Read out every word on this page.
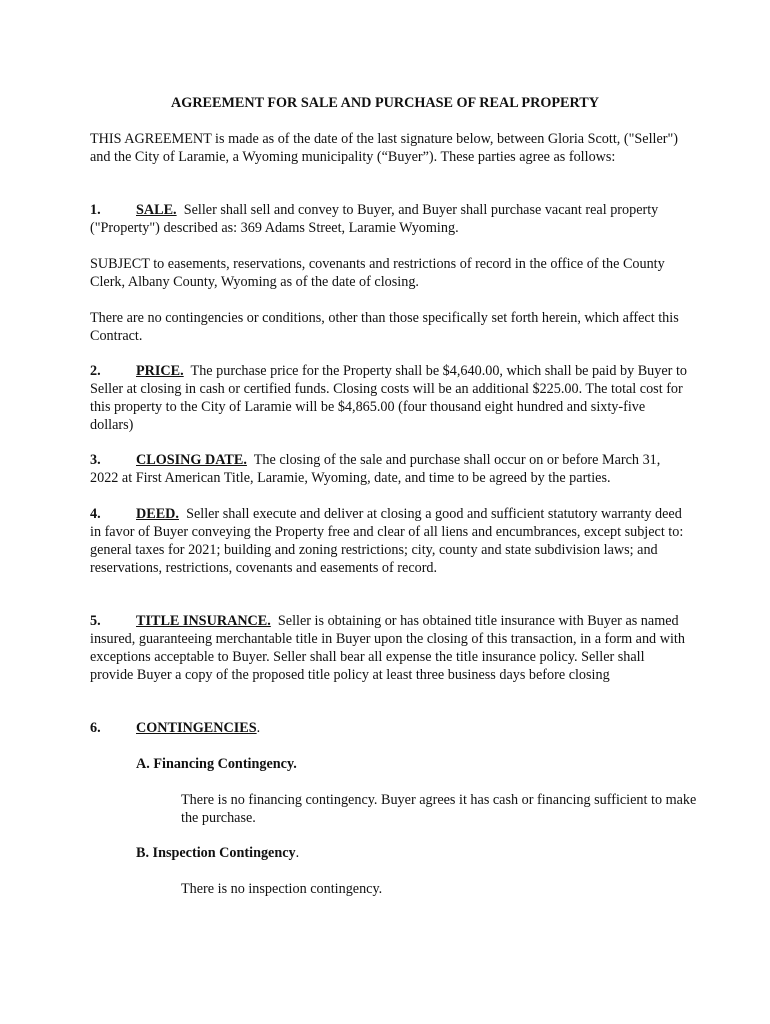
AGREEMENT FOR SALE AND PURCHASE OF REAL PROPERTY

THIS AGREEMENT is made as of the date of the last signature below, between Gloria Scott, ("Seller") and the City of Laramie, a Wyoming municipality (“Buyer”). These parties agree as follows:

1. SALE. Seller shall sell and convey to Buyer, and Buyer shall purchase vacant real property ("Property") described as: 369 Adams Street, Laramie Wyoming.

SUBJECT to easements, reservations, covenants and restrictions of record in the office of the County Clerk, Albany County, Wyoming as of the date of closing.

There are no contingencies or conditions, other than those specifically set forth herein, which affect this Contract.

2. PRICE. The purchase price for the Property shall be $4,640.00, which shall be paid by Buyer to Seller at closing in cash or certified funds. Closing costs will be an additional $225.00. The total cost for this property to the City of Laramie will be $4,865.00 (four thousand eight hundred and sixty-five dollars)

3. CLOSING DATE. The closing of the sale and purchase shall occur on or before March 31, 2022 at First American Title, Laramie, Wyoming, date, and time to be agreed by the parties.

4. DEED. Seller shall execute and deliver at closing a good and sufficient statutory warranty deed in favor of Buyer conveying the Property free and clear of all liens and encumbrances, except subject to: general taxes for 2021; building and zoning restrictions; city, county and state subdivision laws; and reservations, restrictions, covenants and easements of record.

5. TITLE INSURANCE. Seller is obtaining or has obtained title insurance with Buyer as named insured, guaranteeing merchantable title in Buyer upon the closing of this transaction, in a form and with exceptions acceptable to Buyer. Seller shall bear all expense the title insurance policy. Seller shall provide Buyer a copy of the proposed title policy at least three business days before closing

6. CONTINGENCIES.

A. Financing Contingency.

There is no financing contingency. Buyer agrees it has cash or financing sufficient to make the purchase.

B. Inspection Contingency.

There is no inspection contingency.
